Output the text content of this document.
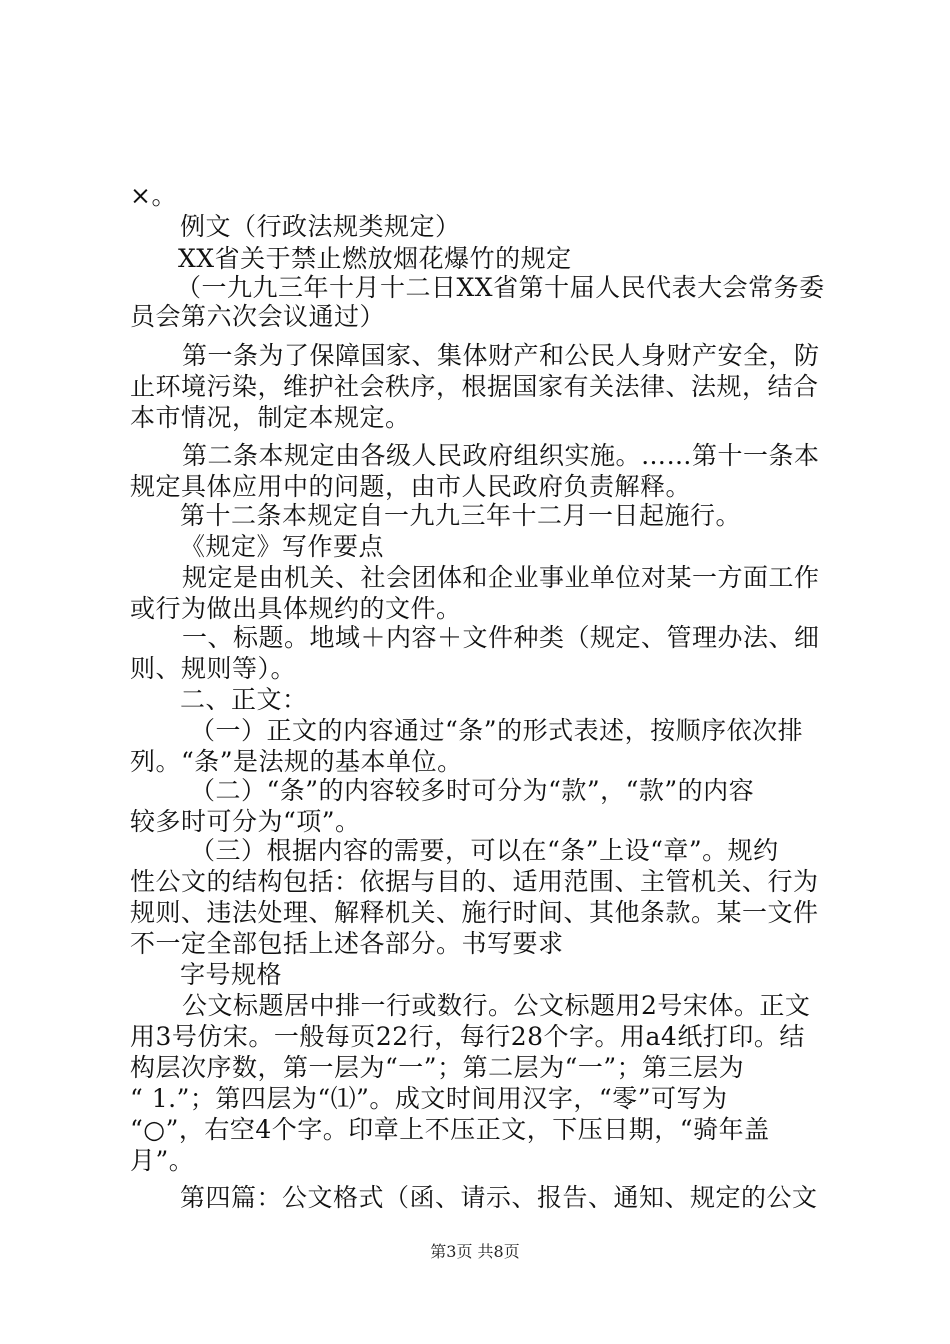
×。
例文（行政法规类规定）
XX省关于禁止燃放烟花爆竹的规定
（一九九三年十月十二日XX省第十届人民代表大会常务委
员会第六次会议通过）
第一条为了保障国家、集体财产和公民人身财产安全，防
止环境污染，维护社会秩序，根据国家有关法律、法规，结合
本市情况，制定本规定。
第二条本规定由各级人民政府组织实施。……第十一条本
规定具体应用中的问题，由市人民政府负责解释。
第十二条本规定自一九九三年十二月一日起施行。
《规定》写作要点
规定是由机关、社会团体和企业事业单位对某一方面工作
或行为做出具体规约的文件。
一、标题。地域＋内容＋文件种类（规定、管理办法、细
则、规则等）。
二、正文：
（一）正文的内容通过“条”的形式表述，按顺序依次排
列。“条”是法规的基本单位。
（二）“条”的内容较多时可分为“款”，“款”的内容
较多时可分为“项”。
（三）根据内容的需要，可以在“条”上设“章”。规约
性公文的结构包括：依据与目的、适用范围、主管机关、行为
规则、违法处理、解释机关、施行时间、其他条款。某一文件
不一定全部包括上述各部分。书写要求
字号规格
公文标题居中排一行或数行。公文标题用2号宋体。正文
用3号仿宋。一般每页22行，每行28个字。用a4纸打印。结
构层次序数，第一层为“一”；第二层为“一”；第三层为
“ 1.”；第四层为“⑴”。成文时间用汉字，“零”可写为
“○”，右空4个字。印章上不压正文，下压日期，“骑年盖
月”。
第四篇：公文格式（函、请示、报告、通知、规定的公文
第3页 共8页
